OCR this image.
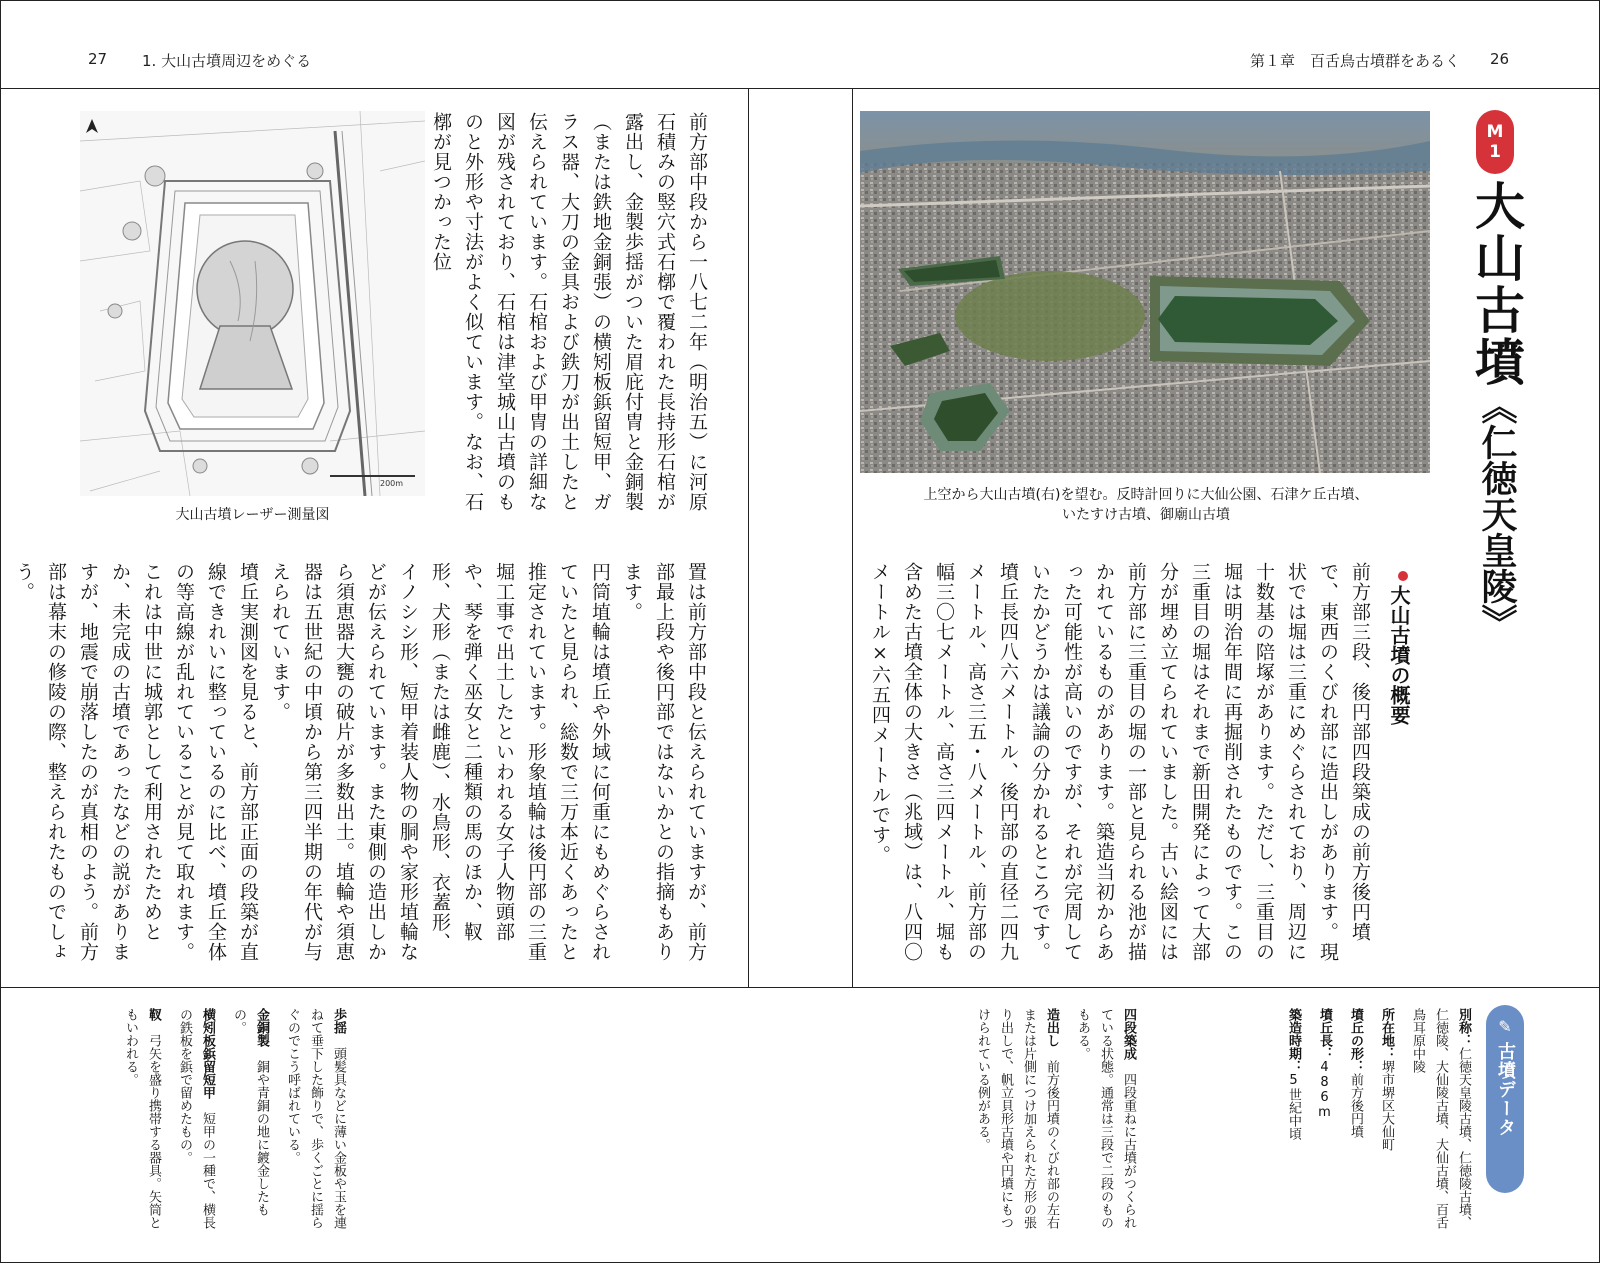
27 1. 大山古墳周辺をめぐる	第１章　百舌鳥古墳群をあるく 26
M
1
大山古墳《仁徳天皇陵》
上空から大山古墳(右)を望む。反時計回りに大仙公園、石津ケ丘古墳、
いたすけ古墳、御廟山古墳
200m
大山古墳レーザー測量図
大山古墳の概要

前方部三段、後円部四段築成の前方後円墳で、東西のくびれ部に造出しがあります。現状では堀は三重にめぐらされており、周辺に十数基の陪塚があります。ただし、三重目の堀は明治年間に再掘削されたものです。この三重目の堀はそれまで新田開発によって大部分が埋め立てられていました。古い絵図には前方部に三重目の堀の一部と見られる池が描かれているものがあります。築造当初からあった可能性が高いのですが、それが完周していたかどうかは議論の分かれるところです。

墳丘長四八六メートル、後円部の直径二四九メートル、高さ三五・八メートル、前方部の幅三〇七メートル、高さ三四メートル、堀も含めた古墳全体の大きさ（兆域）は、八四〇メートル×六五四メートルです。

前方部中段から一八七二年（明治五）に河原石積みの竪穴式石槨で覆われた長持形石棺が露出し、金製歩揺がついた眉庇付冑と金銅製（または鉄地金銅張）の横矧板鋲留短甲、ガラス器、大刀の金具および鉄刀が出土したと伝えられています。石棺および甲冑の詳細な図が残されており、石棺は津堂城山古墳のものと外形や寸法がよく似ています。なお、石槨が見つかった位

置は前方部中段と伝えられていますが、前方部最上段や後円部ではないかとの指摘もあります。

円筒埴輪は墳丘や外域に何重にもめぐらされていたと見られ、総数で三万本近くあったと推定されています。形象埴輪は後円部の三重堀工事で出土したといわれる女子人物頭部や、琴を弾く巫女と二種類の馬のほか、靫形、犬形（または雌鹿）、水鳥形、衣蓋形、イノシシ形、短甲着装人物の胴や家形埴輪などが伝えられています。また東側の造出しから須恵器大甕の破片が多数出土。埴輪や須恵器は五世紀の中頃から第三四半期の年代が与えられています。

墳丘実測図を見ると、前方部正面の段築が直線できれいに整っているのに比べ、墳丘全体の等高線が乱れていることが見て取れます。これは中世に城郭として利用されたためとか、未完成の古墳であったなどの説がありますが、地震で崩落したのが真相のよう。前方部は幕末の修陵の際、整えられたものでしょう。

✎
古墳データ

別称：仁徳天皇陵古墳、仁徳陵古墳、仁徳陵、大仙陵古墳、大仙古墳、百舌鳥耳原中陵

所在地：堺市堺区大仙町

墳丘の形：前方後円墳

墳丘長：486m

築造時期：5世紀中頃

四段築成　四段重ねに古墳がつくられている状態。通常は三段で二段のものもある。

造出し　前方後円墳のくびれ部の左右または片側につけ加えられた方形の張り出しで、帆立貝形古墳や円墳にもつけられている例がある。

歩揺　頭髪具などに薄い金板や玉を連ねて垂下した飾りで、歩くごとに揺らぐのでこう呼ばれている。

金銅製　銅や青銅の地に鍍金したもの。

横矧板鋲留短甲　短甲の一種で、横長の鉄板を鋲で留めたもの。

靫　弓矢を盛り携帯する器具。矢筒ともいわれる。
